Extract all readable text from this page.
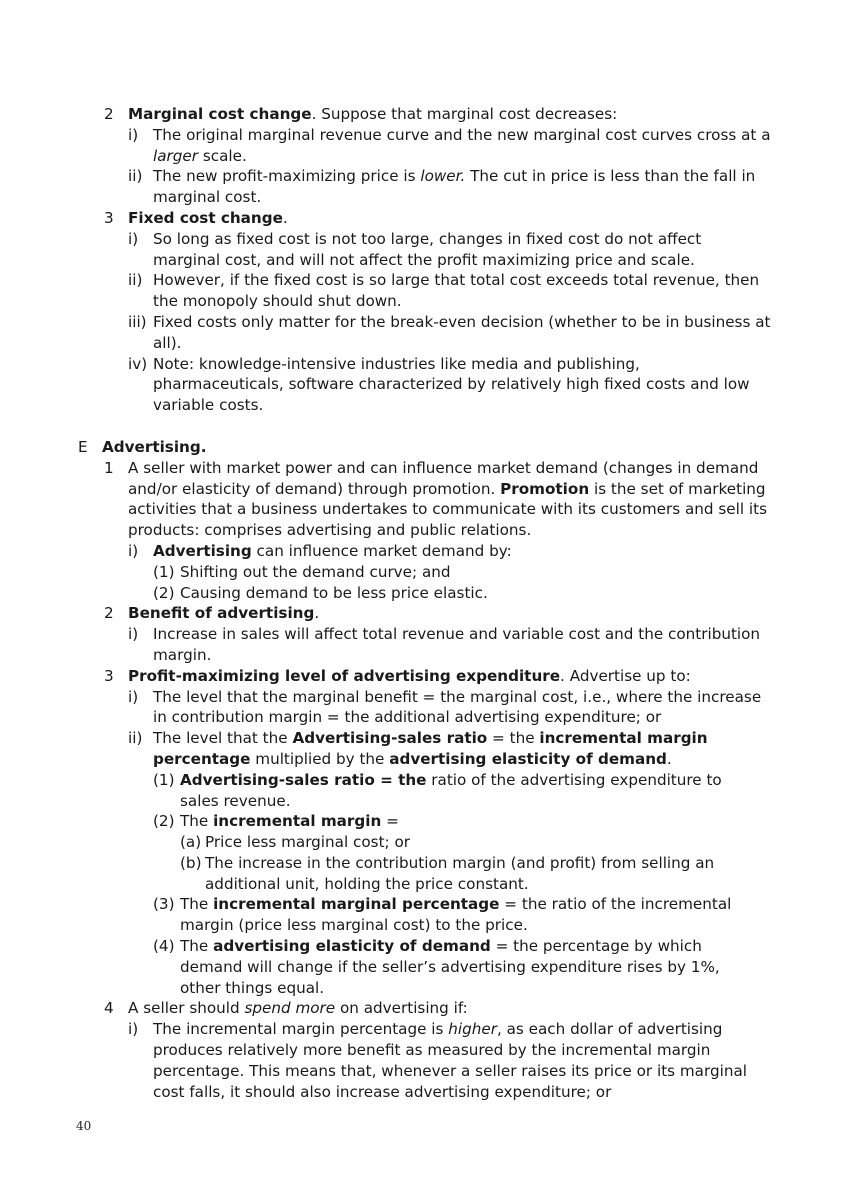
2 Marginal cost change. Suppose that marginal cost decreases:
i) The original marginal revenue curve and the new marginal cost curves cross at a larger scale.
ii) The new profit-maximizing price is lower. The cut in price is less than the fall in marginal cost.
3 Fixed cost change.
i) So long as fixed cost is not too large, changes in fixed cost do not affect marginal cost, and will not affect the profit maximizing price and scale.
ii) However, if the fixed cost is so large that total cost exceeds total revenue, then the monopoly should shut down.
iii) Fixed costs only matter for the break-even decision (whether to be in business at all).
iv) Note: knowledge-intensive industries like media and publishing, pharmaceuticals, software characterized by relatively high fixed costs and low variable costs.
E Advertising.
1 A seller with market power and can influence market demand (changes in demand and/or elasticity of demand) through promotion. Promotion is the set of marketing activities that a business undertakes to communicate with its customers and sell its products: comprises advertising and public relations.
i) Advertising can influence market demand by:
(1) Shifting out the demand curve; and
(2) Causing demand to be less price elastic.
2 Benefit of advertising.
i) Increase in sales will affect total revenue and variable cost and the contribution margin.
3 Profit-maximizing level of advertising expenditure. Advertise up to:
i) The level that the marginal benefit = the marginal cost, i.e., where the increase in contribution margin = the additional advertising expenditure; or
ii) The level that the Advertising-sales ratio = the incremental margin percentage multiplied by the advertising elasticity of demand.
(1) Advertising-sales ratio = the ratio of the advertising expenditure to sales revenue.
(2) The incremental margin =
(a) Price less marginal cost; or
(b) The increase in the contribution margin (and profit) from selling an additional unit, holding the price constant.
(3) The incremental marginal percentage = the ratio of the incremental margin (price less marginal cost) to the price.
(4) The advertising elasticity of demand = the percentage by which demand will change if the seller’s advertising expenditure rises by 1%, other things equal.
4 A seller should spend more on advertising if:
i) The incremental margin percentage is higher, as each dollar of advertising produces relatively more benefit as measured by the incremental margin percentage. This means that, whenever a seller raises its price or its marginal cost falls, it should also increase advertising expenditure; or
40
